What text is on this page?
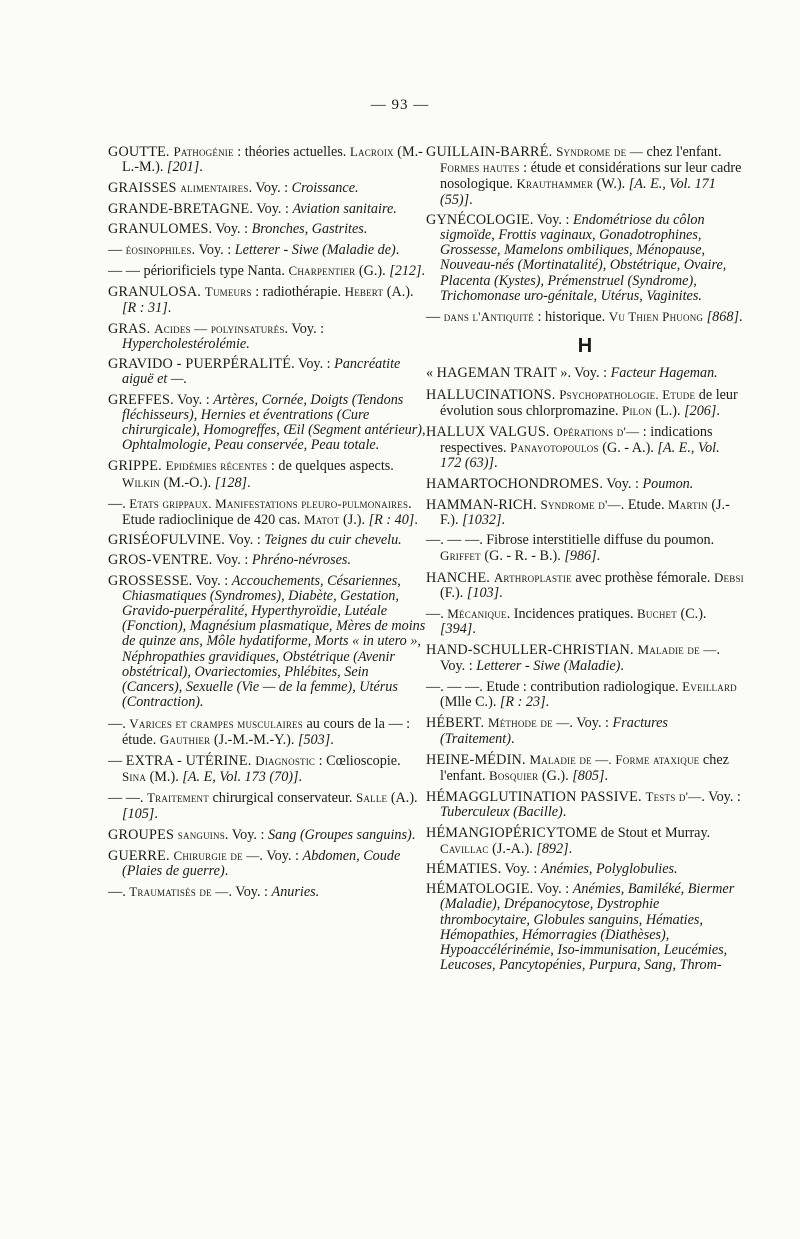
— 93 —
GOUTTE. Pathogénie : théories actuelles. Lacroix (M.-L.-M.). [201].
GRAISSES alimentaires. Voy. : Croissance.
GRANDE-BRETAGNE. Voy. : Aviation sanitaire.
GRANULOMES. Voy. : Bronches, Gastrites.
— éosinophiles. Voy. : Letterer - Siwe (Maladie de).
— — périorificiels type Nanta. Charpentier (G.). [212].
GRANULOSA. Tumeurs : radiothérapie. Hebert (A.). [R : 31].
GRAS. Acides — polyinsaturés. Voy. : Hypercholestérolémie.
GRAVIDO - PUERPÉRALITÉ. Voy. : Pancréatite aiguë et —.
GREFFES. Voy. : Artères, Cornée, Doigts (Tendons fléchisseurs), Hernies et éventrations (Cure chirurgicale), Homogreffes, Œil (Segment antérieur), Ophtalmologie, Peau conservée, Peau totale.
GRIPPE. Epidémies récentes : de quelques aspects. Wilkin (M.-O.). [128].
—. Etats grippaux. Manifestations pleuro-pulmonaires. Etude radioclinique de 420 cas. Matot (J.). [R : 40].
GRISÉOFULVINE. Voy. : Teignes du cuir chevelu.
GROS-VENTRE. Voy. : Phréno-névroses.
GROSSESSE. Voy. : Accouchements, Césariennes, Chiasmatiques (Syndromes), Diabète, Gestation, Gravido-puerpéralité, Hyperthyroïdie, Lutéale (Fonction), Magnésium plasmatique, Mères de moins de quinze ans, Môle hydatiforme, Morts « in utero », Néphropathies gravidiques, Obstétrique (Avenir obstétrical), Ovariectomies, Phlébites, Sein (Cancers), Sexuelle (Vie — de la femme), Utérus (Contraction).
—. Varices et crampes musculaires au cours de la — : étude. Gauthier (J.-M.-M.-Y.). [503].
— EXTRA - UTÉRINE. Diagnostic : Cœlioscopie. Sina (M.). [A. E, Vol. 173 (70)].
— —. Traitement chirurgical conservateur. Salle (A.). [105].
GROUPES sanguins. Voy. : Sang (Groupes sanguins).
GUERRE. Chirurgie de —. Voy. : Abdomen, Coude (Plaies de guerre).
—. Traumatisés de —. Voy. : Anuries.
GUILLAIN-BARRÉ. Syndrome de — chez l'enfant. Formes hautes : étude et considérations sur leur cadre nosologique. Krauthammer (W.). [A. E., Vol. 171 (55)].
GYNÉCOLOGIE. Voy. : Endométriose du côlon sigmoïde, Frottis vaginaux, Gonadotrophines, Grossesse, Mamelons ombiliques, Ménopause, Nouveau-nés (Mortinatalité), Obstétrique, Ovaire, Placenta (Kystes), Prémenstruel (Syndrome), Trichomonase uro-génitale, Utérus, Vaginites.
— dans l'Antiquité : historique. Vu Thien Phuong [868].
H
« HAGEMAN TRAIT ». Voy. : Facteur Hageman.
HALLUCINATIONS. Psychopathologie. Etude de leur évolution sous chlorpromazine. Pilon (L.). [206].
HALLUX VALGUS. Opérations d'— : indications respectives. Panayotopoulos (G. - A.). [A. E., Vol. 172 (63)].
HAMARTOCHONDROMES. Voy. : Poumon.
HAMMAN-RICH. Syndrome d'—. Etude. Martin (J.-F.). [1032].
—. — —. Fibrose interstitielle diffuse du poumon. Griffet (G. - R. - B.). [986].
HANCHE. Arthroplastie avec prothèse fémorale. Debsi (F.). [103].
—. Mécanique. Incidences pratiques. Buchet (C.). [394].
HAND-SCHULLER-CHRISTIAN. Maladie de —. Voy. : Letterer - Siwe (Maladie).
—. — —. Etude : contribution radiologique. Eveillard (Mlle C.). [R : 23].
HÉBERT. Méthode de —. Voy. : Fractures (Traitement).
HEINE-MÉDIN. Maladie de —. Forme ataxique chez l'enfant. Bosquier (G.). [805].
HÉMAGGLUTINATION PASSIVE. Tests d'—. Voy. : Tuberculeux (Bacille).
HÉMANGIOPÉRICYTOME de Stout et Murray. Cavillac (J.-A.). [892].
HÉMATIES. Voy. : Anémies, Polyglobulies.
HÉMATOLOGIE. Voy. : Anémies, Bamiléké, Biermer (Maladie), Drépanocytose, Dystrophie thrombocytaire, Globules sanguins, Hématies, Hémopathies, Hémorragies (Diathèses), Hypoaccélérinémie, Iso-immunisation, Leucémies, Leucoses, Pancytopénies, Purpura, Sang, Throm-
